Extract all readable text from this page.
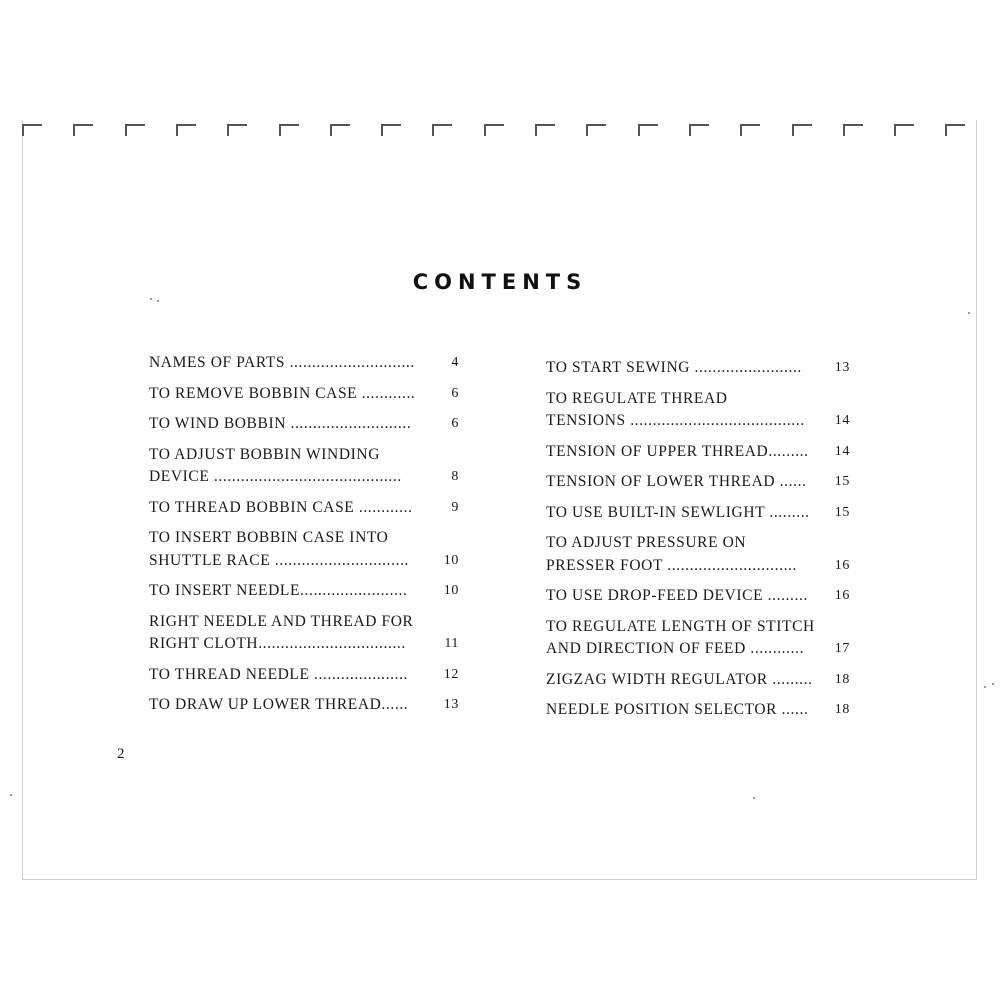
CONTENTS
NAMES OF PARTS ............................	4
TO REMOVE BOBBIN CASE ............	6
TO WIND BOBBIN ...........................	6
TO ADJUST BOBBIN WINDING
DEVICE ..........................................	8
TO THREAD BOBBIN CASE ............	9
TO INSERT BOBBIN CASE INTO
SHUTTLE RACE ..............................	10
TO INSERT NEEDLE........................	10
RIGHT NEEDLE AND THREAD FOR
RIGHT CLOTH.................................	11
TO THREAD NEEDLE .....................	12
TO DRAW UP LOWER THREAD......	13
TO START SEWING ........................	13
TO REGULATE THREAD
TENSIONS .......................................	14
TENSION OF UPPER THREAD.........	14
TENSION OF LOWER THREAD ......	15
TO USE BUILT-IN SEWLIGHT .........	15
TO ADJUST PRESSURE ON
PRESSER FOOT .............................	16
TO USE DROP-FEED DEVICE .........	16
TO REGULATE LENGTH OF STITCH
AND DIRECTION OF FEED ............	17
ZIGZAG WIDTH REGULATOR .........	18
NEEDLE POSITION SELECTOR ......	18
2
